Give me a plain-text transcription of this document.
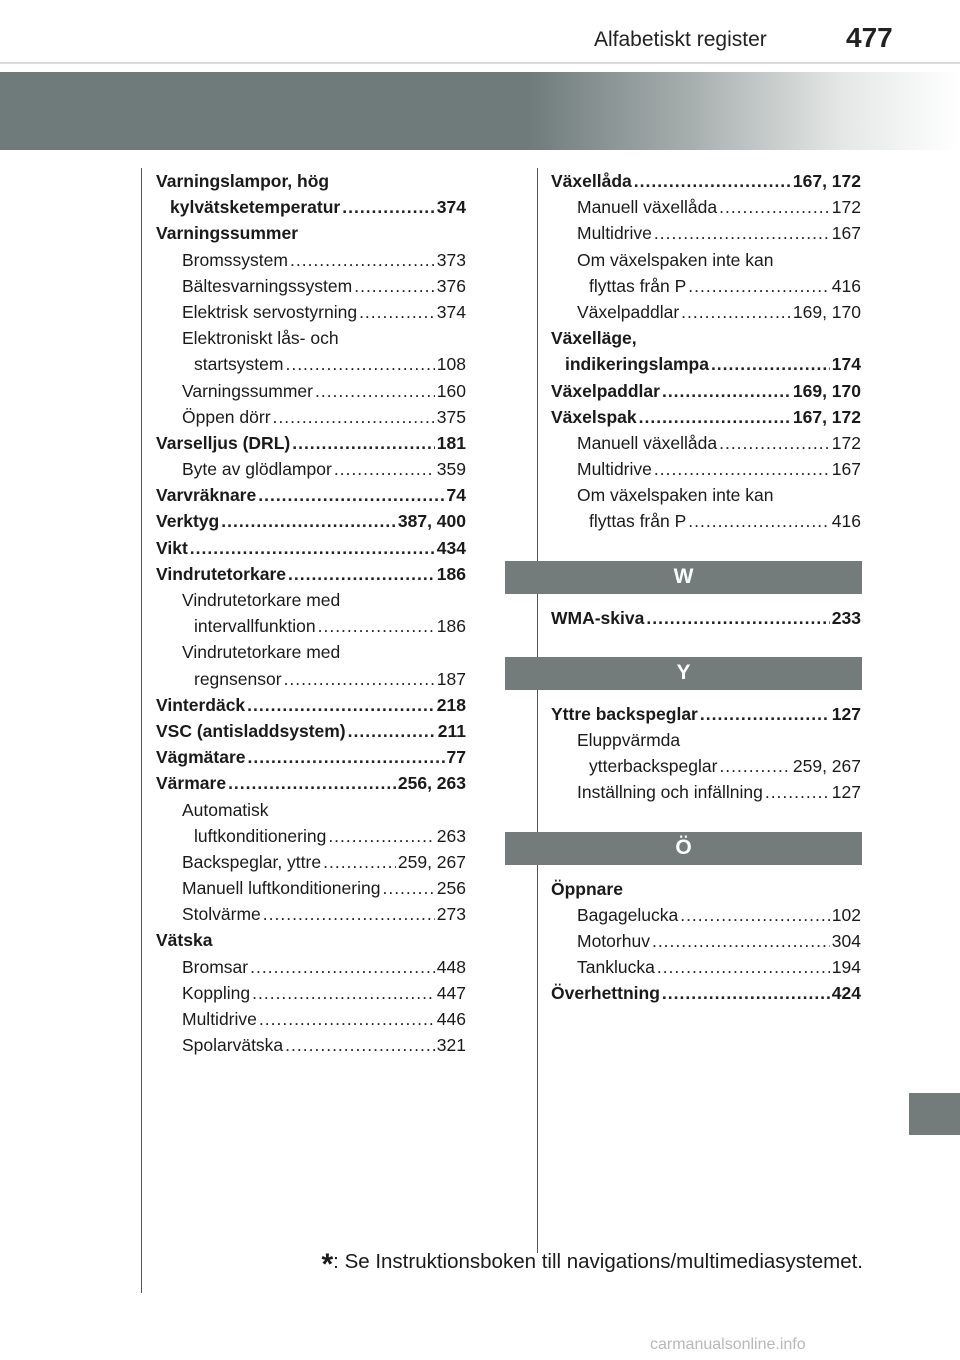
Alfabetiskt register	477
Varningslampor, hög
kylvätsketemperatur .....	374
Varningssummer
Bromssystem .....	373
Bältesvarningssystem .....	376
Elektrisk servostyrning .....	374
Elektroniskt lås- och
startsystem .....	108
Varningssummer .....	160
Öppen dörr .....	375
Varselljus (DRL) .....	181
Byte av glödlampor .....	359
Varvräknare .....	74
Verktyg .....	387, 400
Vikt .....	434
Vindrutetorkare .....	186
Vindrutetorkare med
intervallfunktion .....	186
Vindrutetorkare med
regnsensor .....	187
Vinterdäck .....	218
VSC (antisladdsystem) .....	211
Vägmätare .....	77
Värmare .....	256, 263
Automatisk
luftkonditionering .....	263
Backspeglar, yttre .....	259, 267
Manuell luftkonditionering .....	256
Stolvärme .....	273
Vätska
Bromsar .....	448
Koppling .....	447
Multidrive .....	446
Spolarvätska .....	321
Växellåda .....	167, 172
Manuell växellåda .....	172
Multidrive .....	167
Om växelspaken inte kan
flyttas från P .....	416
Växelpaddlar .....	169, 170
Växelläge,
indikeringslampa .....	174
Växelpaddlar .....	169, 170
Växelspak .....	167, 172
Manuell växellåda .....	172
Multidrive .....	167
Om växelspaken inte kan
flyttas från P .....	416
W
WMA-skiva .....	233
Y
Yttre backspeglar .....	127
Eluppvärmda
ytterbackspeglar .....	259, 267
Inställning och infällning .....	127
Ö
Öppnare
Bagagelucka .....	102
Motorhuv .....	304
Tanklucka .....	194
Överhettning .....	424
*: Se Instruktionsboken till navigations/multimediasystemet.
carmanualsonline.info
